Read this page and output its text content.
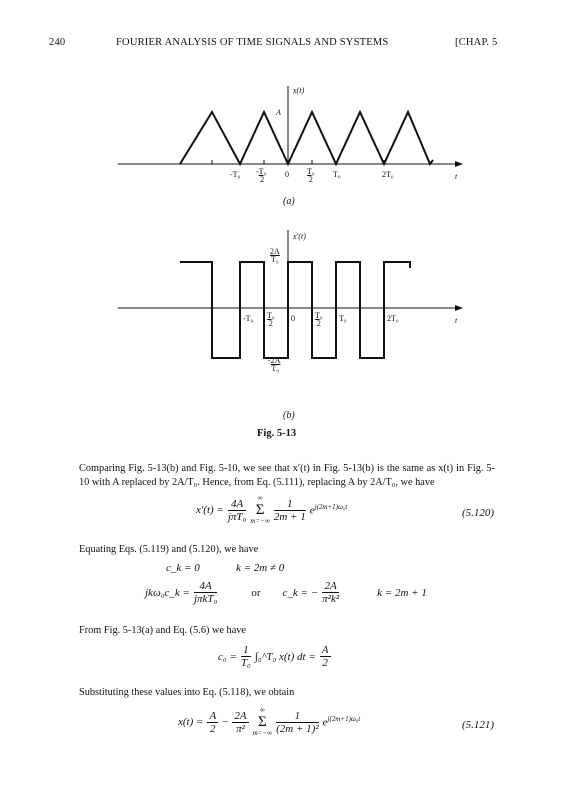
240	FOURIER ANALYSIS OF TIME SIGNALS AND SYSTEMS	[CHAP. 5
x(t)
A
-T₀ -T₀
2
0 T₀
2
T₀	2T₀	t
(a)
x′(t)
2A
T₀
-2A
T₀
-T₀ T₀
2
0	T₀
2
T₀	2T₀	t
(b)
Fig. 5-13
Comparing Fig. 5-13(b) and Fig. 5-10, we see that x′(t) in Fig. 5-13(b) is the same as x(t) in Fig. 5-10 with A replaced by 2A/T₀. Hence, from Eq. (5.111), replacing A by 2A/T₀, we have
$x'(t) = \frac{4A}{\text{jπT₀}}$	∞
Σ
$m=-\infty \frac{1}{2m + 1} e^{j(2m+1)\omega_0t}$	(5.120)
Equating Eqs. (5.119) and (5.120), we have
c_k = 0	k = 2m ≠ 0
jkω₀c_k = $\frac{4A}{\text{jπkT₀}}$	or c_k = − $\frac{2A}{\text{π²k²}}$	k = 2m + 1
From Fig. 5-13(a) and Eq. (5.6) we have
$c_0 = \frac{1}{\text{T₀}}$ ∫₀^T₀ x(t) dt = $\frac{A}{2}$
Substituting these values into Eq. (5.118), we obtain
$x(t) = \frac{A}{2} - \frac{2A}{\text{π²}}$	∞
Σ
$m=-\infty \frac{1}{\text{(2m + 1)²}} e^{j(2m+1)\omega_0t}$	(5.121)
